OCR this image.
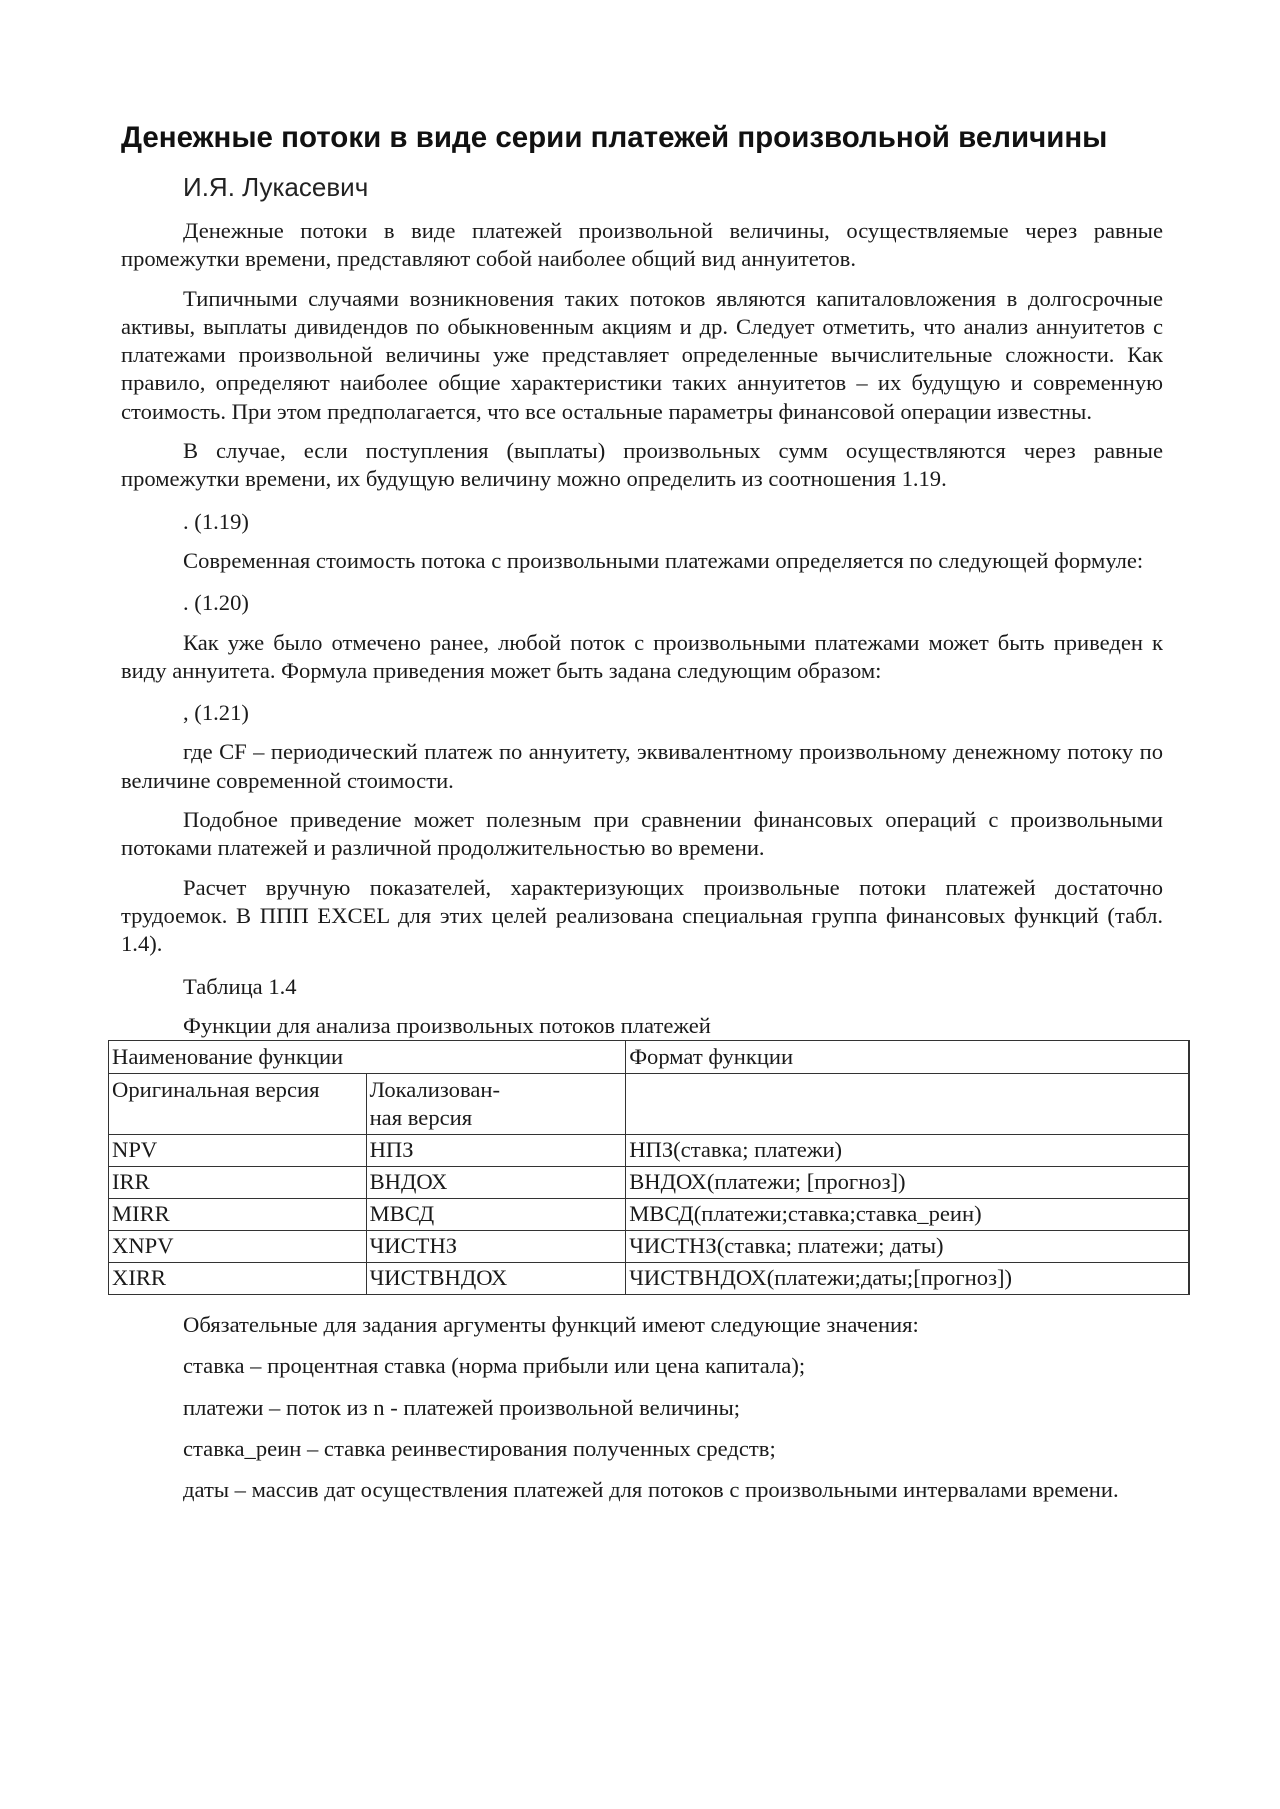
Денежные потоки в виде серии платежей произвольной величины
И.Я. Лукасевич

Денежные потоки в виде платежей произвольной величины, осуществляемые через равные промежутки времени, представляют собой наиболее общий вид аннуитетов.

Типичными случаями возникновения таких потоков являются капиталовложения в долгосрочные активы, выплаты дивидендов по обыкновенным акциям и др. Следует отметить, что анализ аннуитетов с платежами произвольной величины уже представляет определенные вычислительные сложности. Как правило, определяют наиболее общие характеристики таких аннуитетов – их будущую и современную стоимость. При этом предполагается, что все остальные параметры финансовой операции известны.

В случае, если поступления (выплаты) произвольных сумм осуществляются через равные промежутки времени, их будущую величину можно определить из соотношения 1.19.

. (1.19)

Современная стоимость потока с произвольными платежами определяется по следующей формуле:

. (1.20)

Как уже было отмечено ранее, любой поток с произвольными платежами может быть приведен к виду аннуитета. Формула приведения может быть задана следующим образом:

, (1.21)

где CF – периодический платеж по аннуитету, эквивалентному произвольному денежному потоку по величине современной стоимости.

Подобное приведение может полезным при сравнении финансовых операций с произвольными потоками платежей и различной продолжительностью во времени.

Расчет вручную показателей, характеризующих произвольные потоки платежей достаточно трудоемок. В ППП EXCEL для этих целей реализована специальная группа финансовых функций (табл. 1.4).

Таблица 1.4

Функции для анализа произвольных потоков платежей

Наименование функции		Формат функции
Оригинальная версия	Локализован-
ная версия	
NPV	НПЗ	НПЗ(ставка; платежи)
IRR	ВНДОХ	ВНДОХ(платежи; [прогноз])
MIRR	МВСД	МВСД(платежи;ставка;ставка_реин)
XNPV	ЧИСТНЗ	ЧИСТНЗ(ставка; платежи; даты)
XIRR	ЧИСТВНДОХ	ЧИСТВНДОХ(платежи;даты;[прогноз])

Обязательные для задания аргументы функций имеют следующие значения:

ставка – процентная ставка (норма прибыли или цена капитала);

платежи – поток из n - платежей произвольной величины;

ставка_реин – ставка реинвестирования полученных средств;

даты – массив дат осуществления платежей для потоков с произвольными интервалами времени.
